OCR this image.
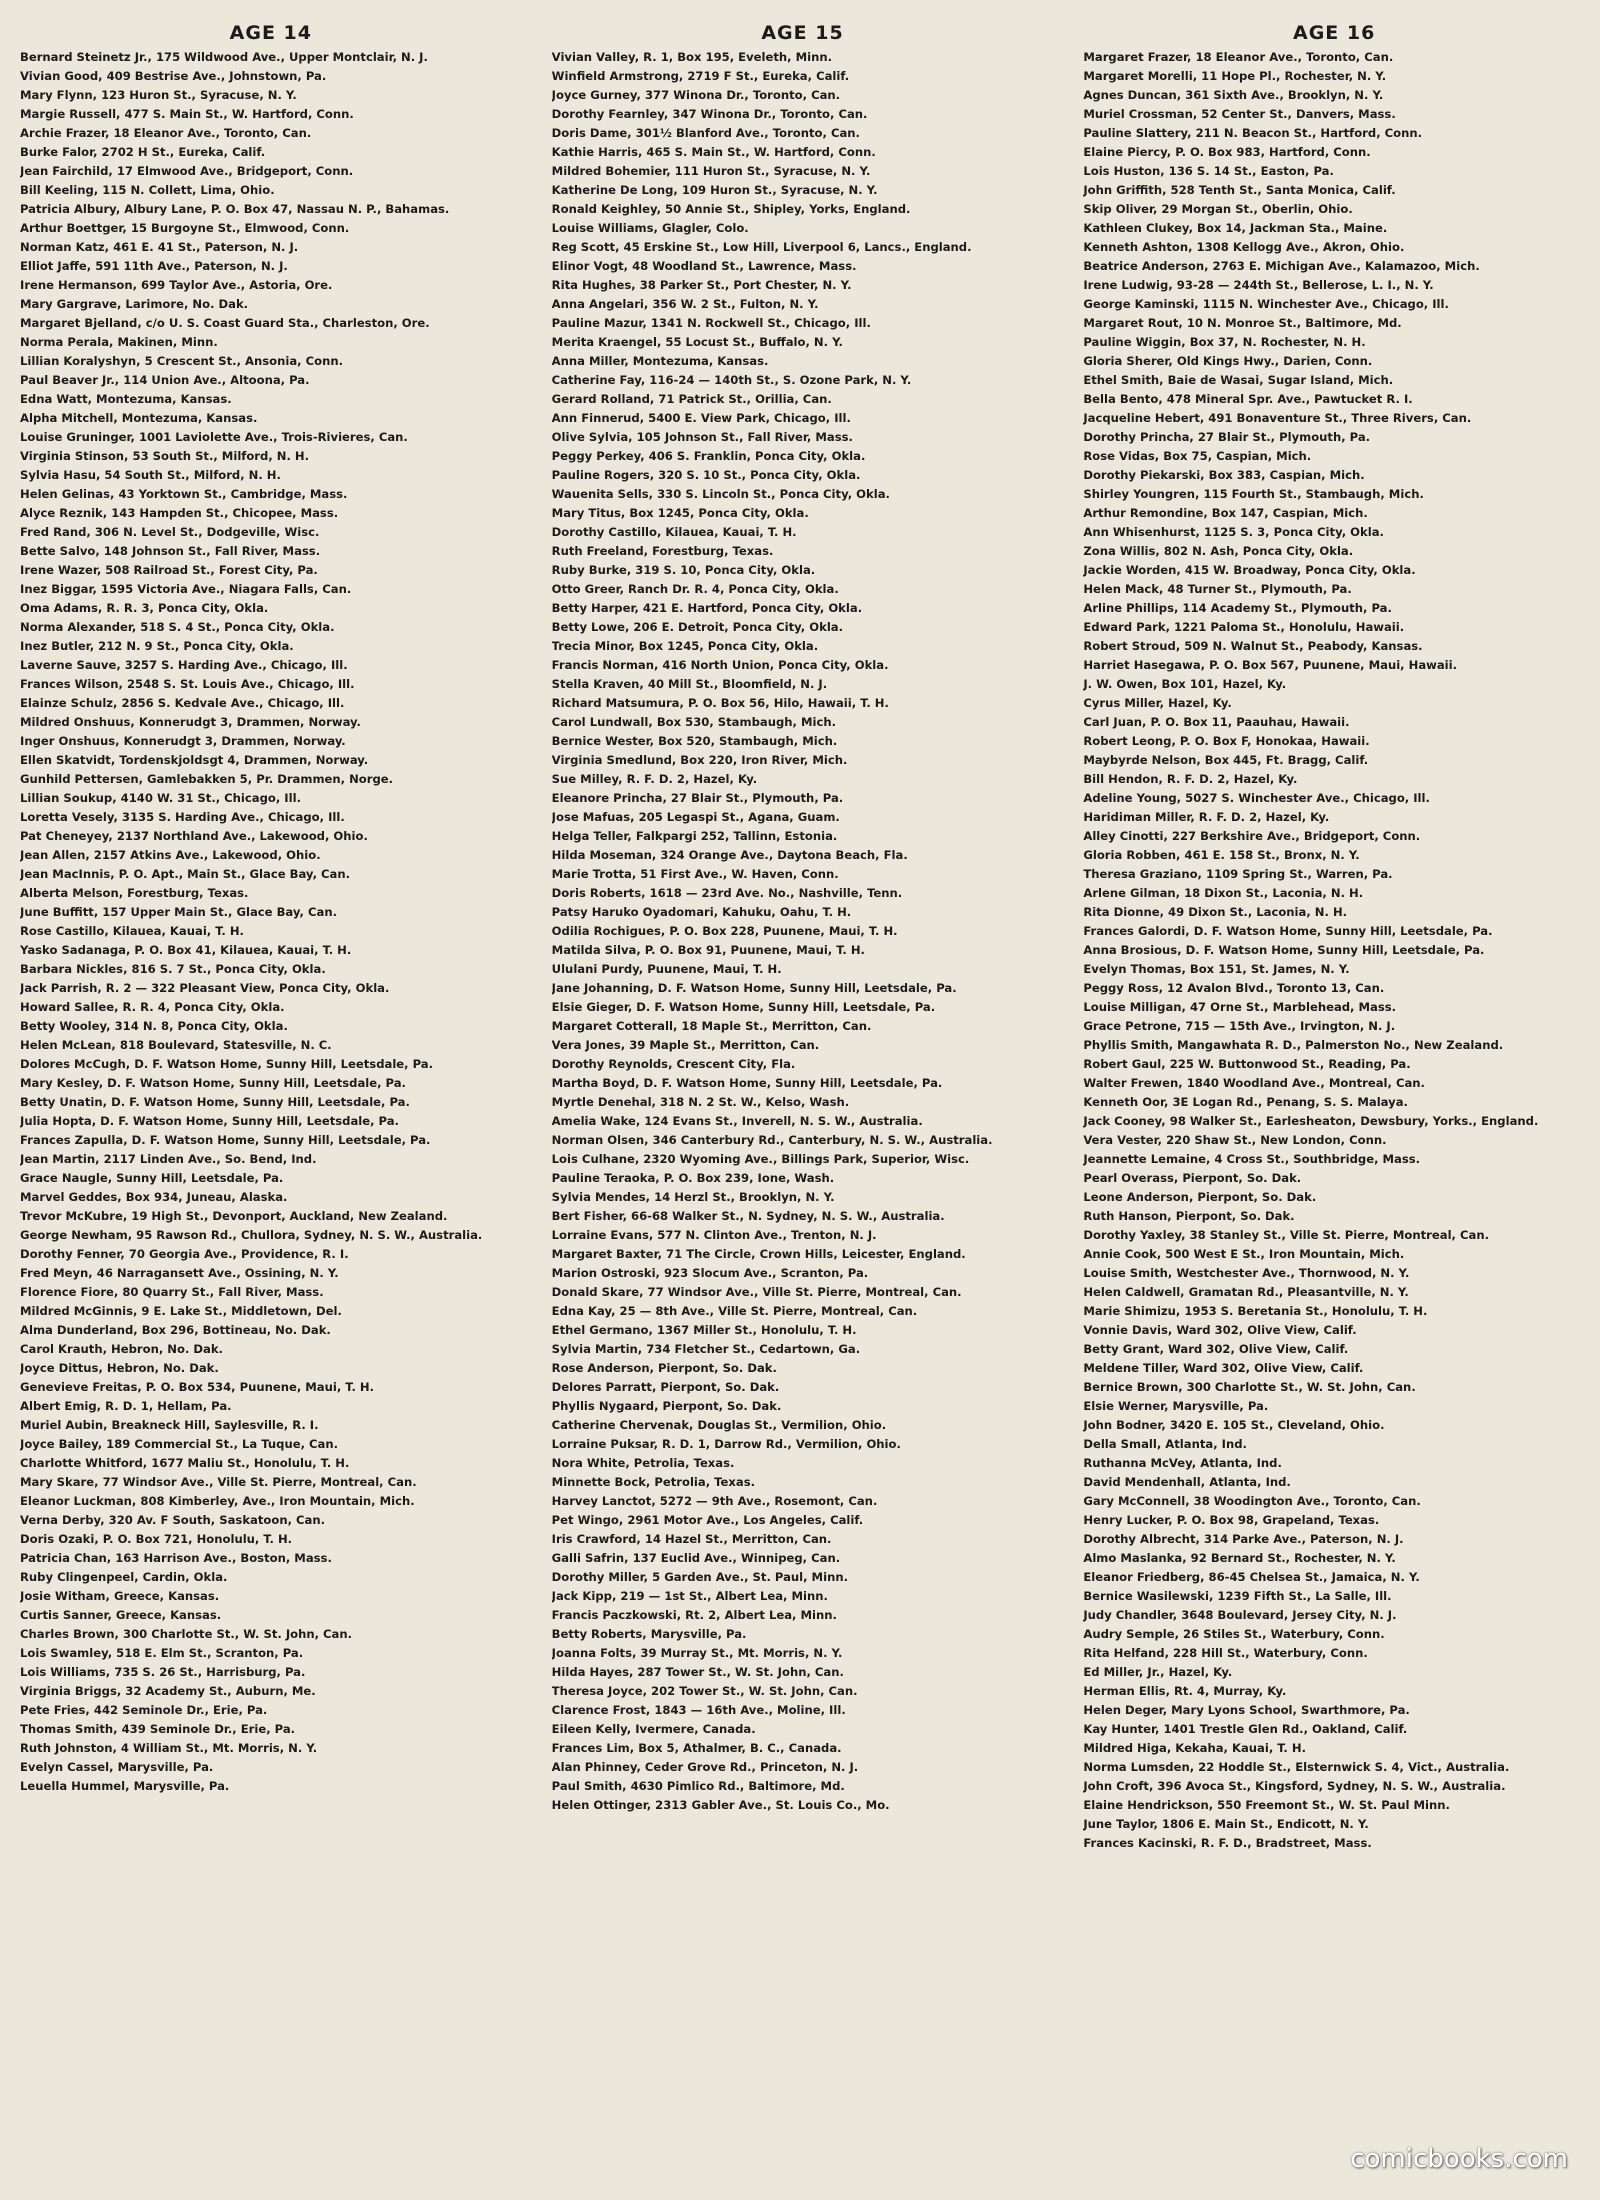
AGE 14
Bernard Steinetz Jr., 175 Wildwood Ave., Upper Montclair, N. J.
Vivian Good, 409 Bestrise Ave., Johnstown, Pa.
Mary Flynn, 123 Huron St., Syracuse, N. Y.
Margie Russell, 477 S. Main St., W. Hartford, Conn.
Archie Frazer, 18 Eleanor Ave., Toronto, Can.
Burke Falor, 2702 H St., Eureka, Calif.
Jean Fairchild, 17 Elmwood Ave., Bridgeport, Conn.
Bill Keeling, 115 N. Collett, Lima, Ohio.
Patricia Albury, Albury Lane, P. O. Box 47, Nassau N. P., Bahamas.
Arthur Boettger, 15 Burgoyne St., Elmwood, Conn.
Norman Katz, 461 E. 41 St., Paterson, N. J.
Elliot Jaffe, 591 11th Ave., Paterson, N. J.
Irene Hermanson, 699 Taylor Ave., Astoria, Ore.
Mary Gargrave, Larimore, No. Dak.
Margaret Bjelland, c/o U. S. Coast Guard Sta., Charleston, Ore.
Norma Perala, Makinen, Minn.
Lillian Koralyshyn, 5 Crescent St., Ansonia, Conn.
Paul Beaver Jr., 114 Union Ave., Altoona, Pa.
Edna Watt, Montezuma, Kansas.
Alpha Mitchell, Montezuma, Kansas.
Louise Gruninger, 1001 Laviolette Ave., Trois-Rivieres, Can.
Virginia Stinson, 53 South St., Milford, N. H.
Sylvia Hasu, 54 South St., Milford, N. H.
Helen Gelinas, 43 Yorktown St., Cambridge, Mass.
Alyce Reznik, 143 Hampden St., Chicopee, Mass.
Fred Rand, 306 N. Level St., Dodgeville, Wisc.
Bette Salvo, 148 Johnson St., Fall River, Mass.
Irene Wazer, 508 Railroad St., Forest City, Pa.
Inez Biggar, 1595 Victoria Ave., Niagara Falls, Can.
Oma Adams, R. R. 3, Ponca City, Okla.
Norma Alexander, 518 S. 4 St., Ponca City, Okla.
Inez Butler, 212 N. 9 St., Ponca City, Okla.
Laverne Sauve, 3257 S. Harding Ave., Chicago, Ill.
Frances Wilson, 2548 S. St. Louis Ave., Chicago, Ill.
Elainze Schulz, 2856 S. Kedvale Ave., Chicago, Ill.
Mildred Onshuus, Konnerudgt 3, Drammen, Norway.
Inger Onshuus, Konnerudgt 3, Drammen, Norway.
Ellen Skatvidt, Tordenskjoldsgt 4, Drammen, Norway.
Gunhild Pettersen, Gamlebakken 5, Pr. Drammen, Norge.
Lillian Soukup, 4140 W. 31 St., Chicago, Ill.
Loretta Vesely, 3135 S. Harding Ave., Chicago, Ill.
Pat Cheneyey, 2137 Northland Ave., Lakewood, Ohio.
Jean Allen, 2157 Atkins Ave., Lakewood, Ohio.
Jean MacInnis, P. O. Apt., Main St., Glace Bay, Can.
Alberta Melson, Forestburg, Texas.
June Buffitt, 157 Upper Main St., Glace Bay, Can.
Rose Castillo, Kilauea, Kauai, T. H.
Yasko Sadanaga, P. O. Box 41, Kilauea, Kauai, T. H.
Barbara Nickles, 816 S. 7 St., Ponca City, Okla.
Jack Parrish, R. 2 — 322 Pleasant View, Ponca City, Okla.
Howard Sallee, R. R. 4, Ponca City, Okla.
Betty Wooley, 314 N. 8, Ponca City, Okla.
Helen McLean, 818 Boulevard, Statesville, N. C.
Dolores McCugh, D. F. Watson Home, Sunny Hill, Leetsdale, Pa.
Mary Kesley, D. F. Watson Home, Sunny Hill, Leetsdale, Pa.
Betty Unatin, D. F. Watson Home, Sunny Hill, Leetsdale, Pa.
Julia Hopta, D. F. Watson Home, Sunny Hill, Leetsdale, Pa.
Frances Zapulla, D. F. Watson Home, Sunny Hill, Leetsdale, Pa.
Jean Martin, 2117 Linden Ave., So. Bend, Ind.
Grace Naugle, Sunny Hill, Leetsdale, Pa.
Marvel Geddes, Box 934, Juneau, Alaska.
Trevor McKubre, 19 High St., Devonport, Auckland, New Zealand.
George Newham, 95 Rawson Rd., Chullora, Sydney, N. S. W., Australia.
Dorothy Fenner, 70 Georgia Ave., Providence, R. I.
Fred Meyn, 46 Narragansett Ave., Ossining, N. Y.
Florence Fiore, 80 Quarry St., Fall River, Mass.
Mildred McGinnis, 9 E. Lake St., Middletown, Del.
Alma Dunderland, Box 296, Bottineau, No. Dak.
Carol Krauth, Hebron, No. Dak.
Joyce Dittus, Hebron, No. Dak.
Genevieve Freitas, P. O. Box 534, Puunene, Maui, T. H.
Albert Emig, R. D. 1, Hellam, Pa.
Muriel Aubin, Breakneck Hill, Saylesville, R. I.
Joyce Bailey, 189 Commercial St., La Tuque, Can.
Charlotte Whitford, 1677 Maliu St., Honolulu, T. H.
Mary Skare, 77 Windsor Ave., Ville St. Pierre, Montreal, Can.
Eleanor Luckman, 808 Kimberley, Ave., Iron Mountain, Mich.
Verna Derby, 320 Av. F South, Saskatoon, Can.
Doris Ozaki, P. O. Box 721, Honolulu, T. H.
Patricia Chan, 163 Harrison Ave., Boston, Mass.
Ruby Clingenpeel, Cardin, Okla.
Josie Witham, Greece, Kansas.
Curtis Sanner, Greece, Kansas.
Charles Brown, 300 Charlotte St., W. St. John, Can.
Lois Swamley, 518 E. Elm St., Scranton, Pa.
Lois Williams, 735 S. 26 St., Harrisburg, Pa.
Virginia Briggs, 32 Academy St., Auburn, Me.
Pete Fries, 442 Seminole Dr., Erie, Pa.
Thomas Smith, 439 Seminole Dr., Erie, Pa.
Ruth Johnston, 4 William St., Mt. Morris, N. Y.
Evelyn Cassel, Marysville, Pa.
Leuella Hummel, Marysville, Pa.
AGE 15
Vivian Valley, R. 1, Box 195, Eveleth, Minn.
Winfield Armstrong, 2719 F St., Eureka, Calif.
Joyce Gurney, 377 Winona Dr., Toronto, Can.
Dorothy Fearnley, 347 Winona Dr., Toronto, Can.
Doris Dame, 301½ Blanford Ave., Toronto, Can.
Kathie Harris, 465 S. Main St., W. Hartford, Conn.
Mildred Bohemier, 111 Huron St., Syracuse, N. Y.
Katherine De Long, 109 Huron St., Syracuse, N. Y.
Ronald Keighley, 50 Annie St., Shipley, Yorks, England.
Louise Williams, Glagler, Colo.
Reg Scott, 45 Erskine St., Low Hill, Liverpool 6, Lancs., England.
Elinor Vogt, 48 Woodland St., Lawrence, Mass.
Rita Hughes, 38 Parker St., Port Chester, N. Y.
Anna Angelari, 356 W. 2 St., Fulton, N. Y.
Pauline Mazur, 1341 N. Rockwell St., Chicago, Ill.
Merita Kraengel, 55 Locust St., Buffalo, N. Y.
Anna Miller, Montezuma, Kansas.
Catherine Fay, 116-24 — 140th St., S. Ozone Park, N. Y.
Gerard Rolland, 71 Patrick St., Orillia, Can.
Ann Finnerud, 5400 E. View Park, Chicago, Ill.
Olive Sylvia, 105 Johnson St., Fall River, Mass.
Peggy Perkey, 406 S. Franklin, Ponca City, Okla.
Pauline Rogers, 320 S. 10 St., Ponca City, Okla.
Wauenita Sells, 330 S. Lincoln St., Ponca City, Okla.
Mary Titus, Box 1245, Ponca City, Okla.
Dorothy Castillo, Kilauea, Kauai, T. H.
Ruth Freeland, Forestburg, Texas.
Ruby Burke, 319 S. 10, Ponca City, Okla.
Otto Greer, Ranch Dr. R. 4, Ponca City, Okla.
Betty Harper, 421 E. Hartford, Ponca City, Okla.
Betty Lowe, 206 E. Detroit, Ponca City, Okla.
Trecia Minor, Box 1245, Ponca City, Okla.
Francis Norman, 416 North Union, Ponca City, Okla.
Stella Kraven, 40 Mill St., Bloomfield, N. J.
Richard Matsumura, P. O. Box 56, Hilo, Hawaii, T. H.
Carol Lundwall, Box 530, Stambaugh, Mich.
Bernice Wester, Box 520, Stambaugh, Mich.
Virginia Smedlund, Box 220, Iron River, Mich.
Sue Milley, R. F. D. 2, Hazel, Ky.
Eleanore Princha, 27 Blair St., Plymouth, Pa.
Jose Mafuas, 205 Legaspi St., Agana, Guam.
Helga Teller, Falkpargi 252, Tallinn, Estonia.
Hilda Moseman, 324 Orange Ave., Daytona Beach, Fla.
Marie Trotta, 51 First Ave., W. Haven, Conn.
Doris Roberts, 1618 — 23rd Ave. No., Nashville, Tenn.
Patsy Haruko Oyadomari, Kahuku, Oahu, T. H.
Odilia Rochigues, P. O. Box 228, Puunene, Maui, T. H.
Matilda Silva, P. O. Box 91, Puunene, Maui, T. H.
Ululani Purdy, Puunene, Maui, T. H.
Jane Johanning, D. F. Watson Home, Sunny Hill, Leetsdale, Pa.
Elsie Gieger, D. F. Watson Home, Sunny Hill, Leetsdale, Pa.
Margaret Cotterall, 18 Maple St., Merritton, Can.
Vera Jones, 39 Maple St., Merritton, Can.
Dorothy Reynolds, Crescent City, Fla.
Martha Boyd, D. F. Watson Home, Sunny Hill, Leetsdale, Pa.
Myrtle Denehal, 318 N. 2 St. W., Kelso, Wash.
Amelia Wake, 124 Evans St., Inverell, N. S. W., Australia.
Norman Olsen, 346 Canterbury Rd., Canterbury, N. S. W., Australia.
Lois Culhane, 2320 Wyoming Ave., Billings Park, Superior, Wisc.
Pauline Teraoka, P. O. Box 239, Ione, Wash.
Sylvia Mendes, 14 Herzl St., Brooklyn, N. Y.
Bert Fisher, 66-68 Walker St., N. Sydney, N. S. W., Australia.
Lorraine Evans, 577 N. Clinton Ave., Trenton, N. J.
Margaret Baxter, 71 The Circle, Crown Hills, Leicester, England.
Marion Ostroski, 923 Slocum Ave., Scranton, Pa.
Donald Skare, 77 Windsor Ave., Ville St. Pierre, Montreal, Can.
Edna Kay, 25 — 8th Ave., Ville St. Pierre, Montreal, Can.
Ethel Germano, 1367 Miller St., Honolulu, T. H.
Sylvia Martin, 734 Fletcher St., Cedartown, Ga.
Rose Anderson, Pierpont, So. Dak.
Delores Parratt, Pierpont, So. Dak.
Phyllis Nygaard, Pierpont, So. Dak.
Catherine Chervenak, Douglas St., Vermilion, Ohio.
Lorraine Puksar, R. D. 1, Darrow Rd., Vermilion, Ohio.
Nora White, Petrolia, Texas.
Minnette Bock, Petrolia, Texas.
Harvey Lanctot, 5272 — 9th Ave., Rosemont, Can.
Pet Wingo, 2961 Motor Ave., Los Angeles, Calif.
Iris Crawford, 14 Hazel St., Merritton, Can.
Galli Safrin, 137 Euclid Ave., Winnipeg, Can.
Dorothy Miller, 5 Garden Ave., St. Paul, Minn.
Jack Kipp, 219 — 1st St., Albert Lea, Minn.
Francis Paczkowski, Rt. 2, Albert Lea, Minn.
Betty Roberts, Marysville, Pa.
Joanna Folts, 39 Murray St., Mt. Morris, N. Y.
Hilda Hayes, 287 Tower St., W. St. John, Can.
Theresa Joyce, 202 Tower St., W. St. John, Can.
Clarence Frost, 1843 — 16th Ave., Moline, Ill.
Eileen Kelly, Ivermere, Canada.
Frances Lim, Box 5, Athalmer, B. C., Canada.
Alan Phinney, Ceder Grove Rd., Princeton, N. J.
Paul Smith, 4630 Pimlico Rd., Baltimore, Md.
Helen Ottinger, 2313 Gabler Ave., St. Louis Co., Mo.
AGE 16
Margaret Frazer, 18 Eleanor Ave., Toronto, Can.
Margaret Morelli, 11 Hope Pl., Rochester, N. Y.
Agnes Duncan, 361 Sixth Ave., Brooklyn, N. Y.
Muriel Crossman, 52 Center St., Danvers, Mass.
Pauline Slattery, 211 N. Beacon St., Hartford, Conn.
Elaine Piercy, P. O. Box 983, Hartford, Conn.
Lois Huston, 136 S. 14 St., Easton, Pa.
John Griffith, 528 Tenth St., Santa Monica, Calif.
Skip Oliver, 29 Morgan St., Oberlin, Ohio.
Kathleen Clukey, Box 14, Jackman Sta., Maine.
Kenneth Ashton, 1308 Kellogg Ave., Akron, Ohio.
Beatrice Anderson, 2763 E. Michigan Ave., Kalamazoo, Mich.
Irene Ludwig, 93-28 — 244th St., Bellerose, L. I., N. Y.
George Kaminski, 1115 N. Winchester Ave., Chicago, Ill.
Margaret Rout, 10 N. Monroe St., Baltimore, Md.
Pauline Wiggin, Box 37, N. Rochester, N. H.
Gloria Sherer, Old Kings Hwy., Darien, Conn.
Ethel Smith, Baie de Wasai, Sugar Island, Mich.
Bella Bento, 478 Mineral Spr. Ave., Pawtucket R. I.
Jacqueline Hebert, 491 Bonaventure St., Three Rivers, Can.
Dorothy Princha, 27 Blair St., Plymouth, Pa.
Rose Vidas, Box 75, Caspian, Mich.
Dorothy Piekarski, Box 383, Caspian, Mich.
Shirley Youngren, 115 Fourth St., Stambaugh, Mich.
Arthur Remondine, Box 147, Caspian, Mich.
Ann Whisenhurst, 1125 S. 3, Ponca City, Okla.
Zona Willis, 802 N. Ash, Ponca City, Okla.
Jackie Worden, 415 W. Broadway, Ponca City, Okla.
Helen Mack, 48 Turner St., Plymouth, Pa.
Arline Phillips, 114 Academy St., Plymouth, Pa.
Edward Park, 1221 Paloma St., Honolulu, Hawaii.
Robert Stroud, 509 N. Walnut St., Peabody, Kansas.
Harriet Hasegawa, P. O. Box 567, Puunene, Maui, Hawaii.
J. W. Owen, Box 101, Hazel, Ky.
Cyrus Miller, Hazel, Ky.
Carl Juan, P. O. Box 11, Paauhau, Hawaii.
Robert Leong, P. O. Box F, Honokaa, Hawaii.
Maybyrde Nelson, Box 445, Ft. Bragg, Calif.
Bill Hendon, R. F. D. 2, Hazel, Ky.
Adeline Young, 5027 S. Winchester Ave., Chicago, Ill.
Haridiman Miller, R. F. D. 2, Hazel, Ky.
Alley Cinotti, 227 Berkshire Ave., Bridgeport, Conn.
Gloria Robben, 461 E. 158 St., Bronx, N. Y.
Theresa Graziano, 1109 Spring St., Warren, Pa.
Arlene Gilman, 18 Dixon St., Laconia, N. H.
Rita Dionne, 49 Dixon St., Laconia, N. H.
Frances Galordi, D. F. Watson Home, Sunny Hill, Leetsdale, Pa.
Anna Brosious, D. F. Watson Home, Sunny Hill, Leetsdale, Pa.
Evelyn Thomas, Box 151, St. James, N. Y.
Peggy Ross, 12 Avalon Blvd., Toronto 13, Can.
Louise Milligan, 47 Orne St., Marblehead, Mass.
Grace Petrone, 715 — 15th Ave., Irvington, N. J.
Phyllis Smith, Mangawhata R. D., Palmerston No., New Zealand.
Robert Gaul, 225 W. Buttonwood St., Reading, Pa.
Walter Frewen, 1840 Woodland Ave., Montreal, Can.
Kenneth Oor, 3E Logan Rd., Penang, S. S. Malaya.
Jack Cooney, 98 Walker St., Earlesheaton, Dewsbury, Yorks., England.
Vera Vester, 220 Shaw St., New London, Conn.
Jeannette Lemaine, 4 Cross St., Southbridge, Mass.
Pearl Overass, Pierpont, So. Dak.
Leone Anderson, Pierpont, So. Dak.
Ruth Hanson, Pierpont, So. Dak.
Dorothy Yaxley, 38 Stanley St., Ville St. Pierre, Montreal, Can.
Annie Cook, 500 West E St., Iron Mountain, Mich.
Louise Smith, Westchester Ave., Thornwood, N. Y.
Helen Caldwell, Gramatan Rd., Pleasantville, N. Y.
Marie Shimizu, 1953 S. Beretania St., Honolulu, T. H.
Vonnie Davis, Ward 302, Olive View, Calif.
Betty Grant, Ward 302, Olive View, Calif.
Meldene Tiller, Ward 302, Olive View, Calif.
Bernice Brown, 300 Charlotte St., W. St. John, Can.
Elsie Werner, Marysville, Pa.
John Bodner, 3420 E. 105 St., Cleveland, Ohio.
Della Small, Atlanta, Ind.
Ruthanna McVey, Atlanta, Ind.
David Mendenhall, Atlanta, Ind.
Gary McConnell, 38 Woodington Ave., Toronto, Can.
Henry Lucker, P. O. Box 98, Grapeland, Texas.
Dorothy Albrecht, 314 Parke Ave., Paterson, N. J.
Almo Maslanka, 92 Bernard St., Rochester, N. Y.
Eleanor Friedberg, 86-45 Chelsea St., Jamaica, N. Y.
Bernice Wasilewski, 1239 Fifth St., La Salle, Ill.
Judy Chandler, 3648 Boulevard, Jersey City, N. J.
Audry Semple, 26 Stiles St., Waterbury, Conn.
Rita Helfand, 228 Hill St., Waterbury, Conn.
Ed Miller, Jr., Hazel, Ky.
Herman Ellis, Rt. 4, Murray, Ky.
Helen Deger, Mary Lyons School, Swarthmore, Pa.
Kay Hunter, 1401 Trestle Glen Rd., Oakland, Calif.
Mildred Higa, Kekaha, Kauai, T. H.
Norma Lumsden, 22 Hoddle St., Elsternwick S. 4, Vict., Australia.
John Croft, 396 Avoca St., Kingsford, Sydney, N. S. W., Australia.
Elaine Hendrickson, 550 Freemont St., W. St. Paul Minn.
June Taylor, 1806 E. Main St., Endicott, N. Y.
Frances Kacinski, R. F. D., Bradstreet, Mass.
comicbooks.com
